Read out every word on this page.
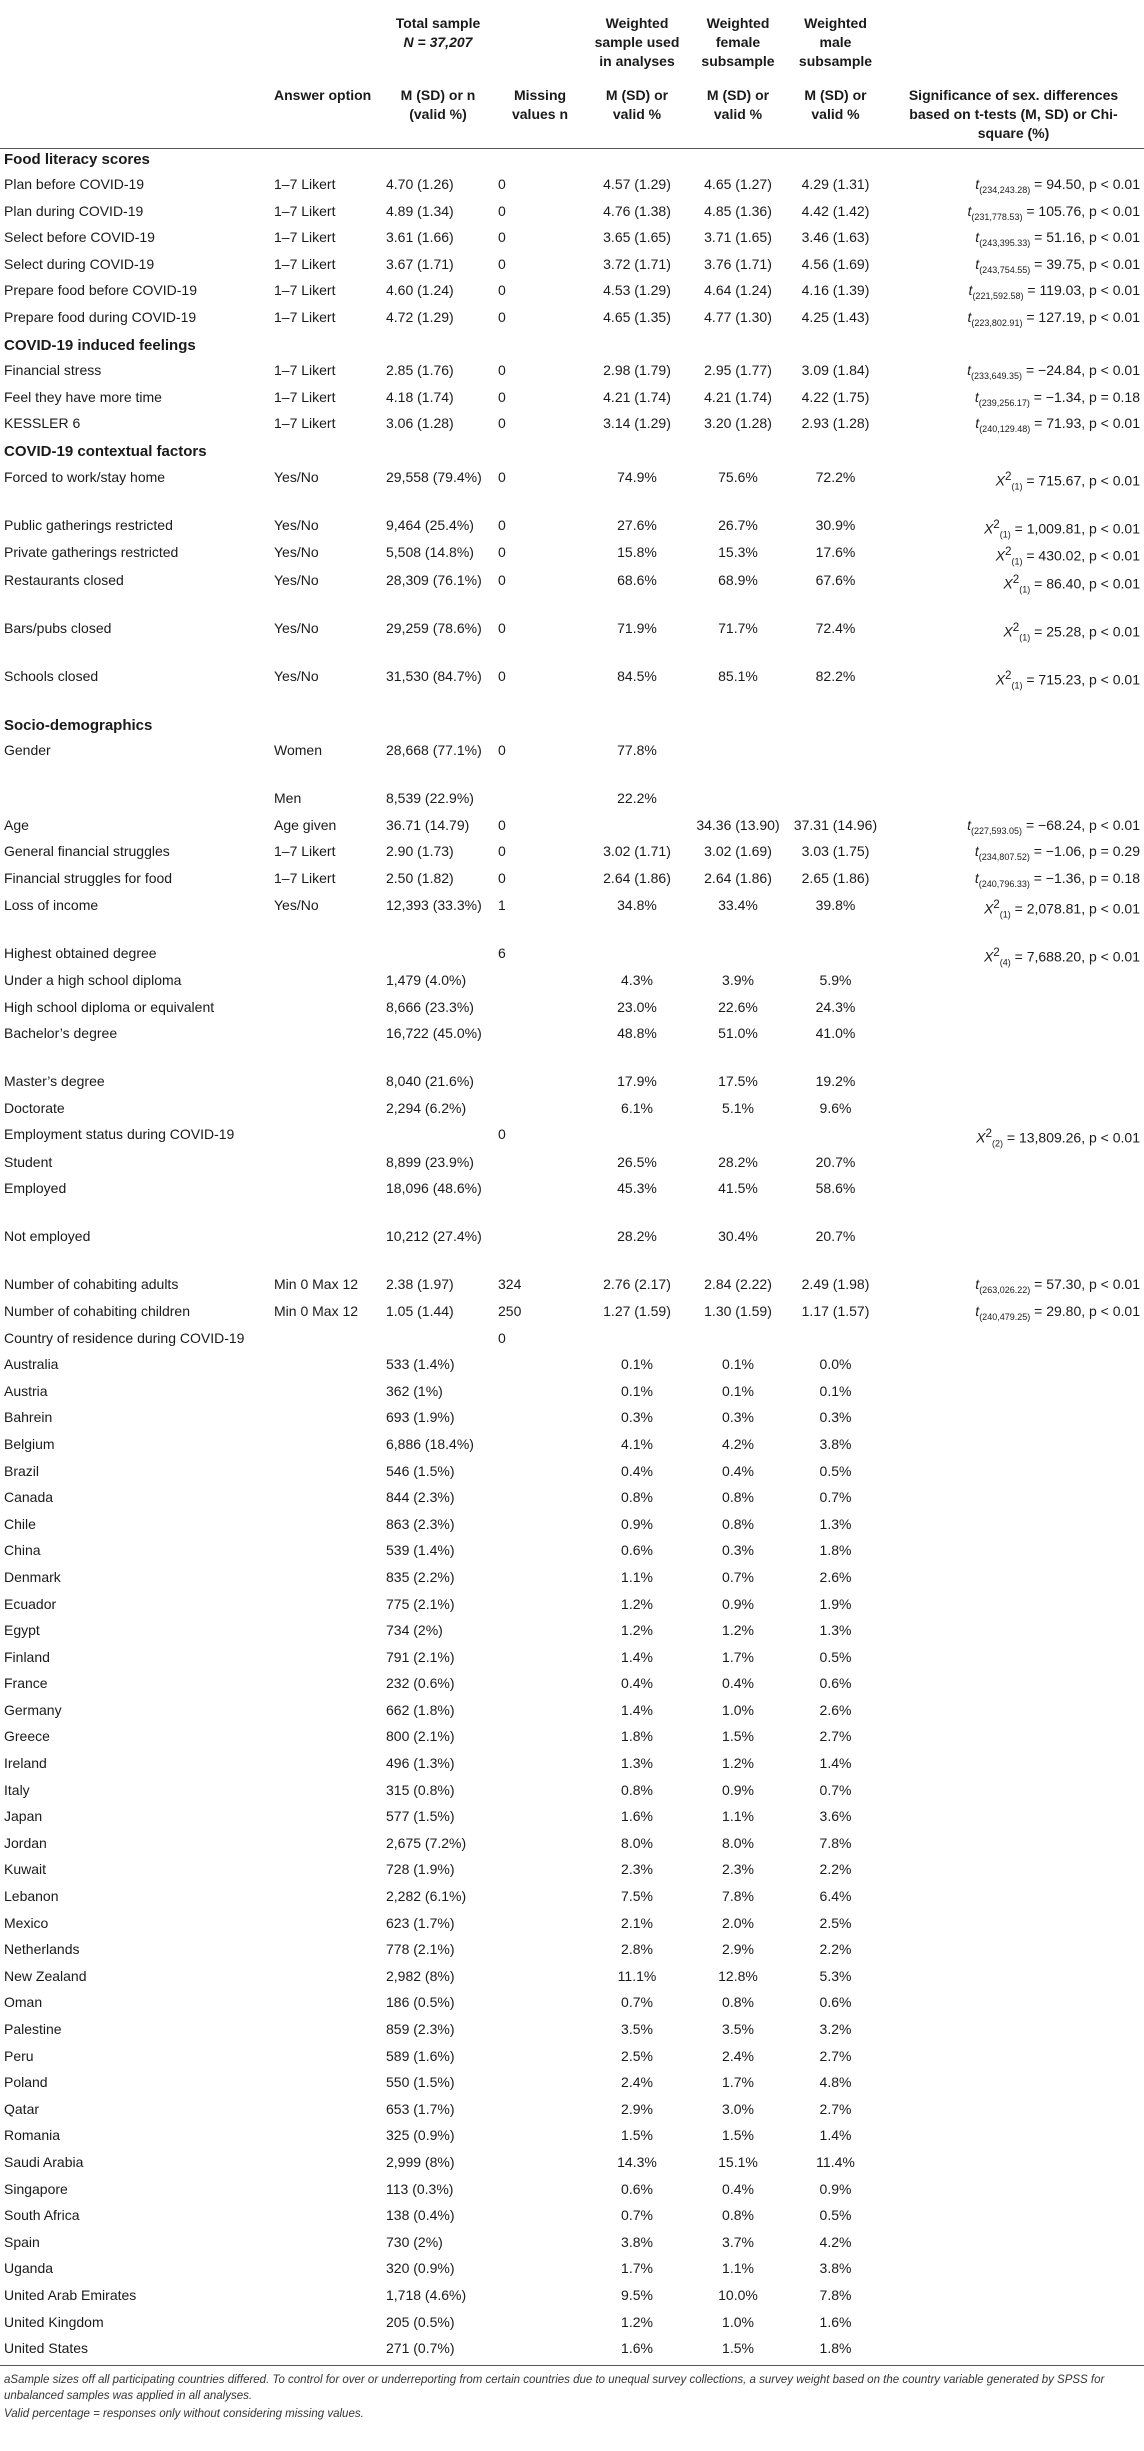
		Total sample
N = 37,207		Weighted sample used in analyses	Weighted female subsample	Weighted male subsample	
	Answer option	M (SD) or n (valid %)	Missing values n	M (SD) or valid %	M (SD) or valid %	M (SD) or valid %	Significance of sex. differences based on t-tests (M, SD) or Chi-square (%)
Food literacy scores							
Plan before COVID-19	1–7 Likert	4.70 (1.26)	0	4.57 (1.29)	4.65 (1.27)	4.29 (1.31)	$t_{(234,243.28)} = 94.50$, p < 0.01
Plan during COVID-19	1–7 Likert	4.89 (1.34)	0	4.76 (1.38)	4.85 (1.36)	4.42 (1.42)	$t_{(231,778.53)} = 105.76$, p < 0.01
Select before COVID-19	1–7 Likert	3.61 (1.66)	0	3.65 (1.65)	3.71 (1.65)	3.46 (1.63)	$t_{(243,395.33)} = 51.16$, p < 0.01
Select during COVID-19	1–7 Likert	3.67 (1.71)	0	3.72 (1.71)	3.76 (1.71)	4.56 (1.69)	$t_{(243,754.55)} = 39.75$, p < 0.01
Prepare food before COVID-19	1–7 Likert	4.60 (1.24)	0	4.53 (1.29)	4.64 (1.24)	4.16 (1.39)	$t_{(221,592.58)} = 119.03$, p < 0.01
Prepare food during COVID-19	1–7 Likert	4.72 (1.29)	0	4.65 (1.35)	4.77 (1.30)	4.25 (1.43)	$t_{(223,802.91)} = 127.19$, p < 0.01
COVID-19 induced feelings							
Financial stress	1–7 Likert	2.85 (1.76)	0	2.98 (1.79)	2.95 (1.77)	3.09 (1.84)	$t_{(233,649.35)} = -24.84$, p < 0.01
Feel they have more time	1–7 Likert	4.18 (1.74)	0	4.21 (1.74)	4.21 (1.74)	4.22 (1.75)	$t_{(239,256.17)} = -1.34$, p = 0.18
KESSLER 6	1–7 Likert	3.06 (1.28)	0	3.14 (1.29)	3.20 (1.28)	2.93 (1.28)	$t_{(240,129.48)} = 71.93$, p < 0.01
COVID-19 contextual factors							
Forced to work/stay home	Yes/No	29,558 (79.4%)	0	74.9%	75.6%	72.2%	$X^2_{(1)} = 715.67$, p < 0.01
Public gatherings restricted	Yes/No	9,464 (25.4%)	0	27.6%	26.7%	30.9%	$X^2_{(1)} = 1,009.81$, p < 0.01
Private gatherings restricted	Yes/No	5,508 (14.8%)	0	15.8%	15.3%	17.6%	$X^2_{(1)} = 430.02$, p < 0.01
Restaurants closed	Yes/No	28,309 (76.1%)	0	68.6%	68.9%	67.6%	$X^2_{(1)} = 86.40$, p < 0.01
Bars/pubs closed	Yes/No	29,259 (78.6%)	0	71.9%	71.7%	72.4%	$X^2_{(1)} = 25.28$, p < 0.01
Schools closed	Yes/No	31,530 (84.7%)	0	84.5%	85.1%	82.2%	$X^2_{(1)} = 715.23$, p < 0.01
Socio-demographics							
Gender	Women	28,668 (77.1%)	0	77.8%			
	Men	8,539 (22.9%)		22.2%			
Age	Age given	36.71 (14.79)	0		34.36 (13.90)	37.31 (14.96)	$t_{(227,593.05)} = -68.24$, p < 0.01
General financial struggles	1–7 Likert	2.90 (1.73)	0	3.02 (1.71)	3.02 (1.69)	3.03 (1.75)	$t_{(234,807.52)} = -1.06$, p = 0.29
Financial struggles for food	1–7 Likert	2.50 (1.82)	0	2.64 (1.86)	2.64 (1.86)	2.65 (1.86)	$t_{(240,796.33)} = -1.36$, p = 0.18
Loss of income	Yes/No	12,393 (33.3%)	1	34.8%	33.4%	39.8%	$X^2_{(1)} = 2,078.81$, p < 0.01
Highest obtained degree			6				$X^2_{(4)} = 7,688.20$, p < 0.01
Under a high school diploma		1,479 (4.0%)		4.3%	3.9%	5.9%	
High school diploma or equivalent		8,666 (23.3%)		23.0%	22.6%	24.3%	
Bachelor’s degree		16,722 (45.0%)		48.8%	51.0%	41.0%	
Master’s degree		8,040 (21.6%)		17.9%	17.5%	19.2%	
Doctorate		2,294 (6.2%)		6.1%	5.1%	9.6%	
Employment status during COVID-19			0				$X^2_{(2)} = 13,809.26$, p < 0.01
Student		8,899 (23.9%)		26.5%	28.2%	20.7%	
Employed		18,096 (48.6%)		45.3%	41.5%	58.6%	
Not employed		10,212 (27.4%)		28.2%	30.4%	20.7%	
Number of cohabiting adults	Min 0 Max 12	2.38 (1.97)	324	2.76 (2.17)	2.84 (2.22)	2.49 (1.98)	$t_{(263,026.22)} = 57.30$, p < 0.01
Number of cohabiting children	Min 0 Max 12	1.05 (1.44)	250	1.27 (1.59)	1.30 (1.59)	1.17 (1.57)	$t_{(240,479.25)} = 29.80$, p < 0.01
Country of residence during COVID-19			0				
Australia		533 (1.4%)		0.1%	0.1%	0.0%	
Austria		362 (1%)		0.1%	0.1%	0.1%	
Bahrein		693 (1.9%)		0.3%	0.3%	0.3%	
Belgium		6,886 (18.4%)		4.1%	4.2%	3.8%	
Brazil		546 (1.5%)		0.4%	0.4%	0.5%	
Canada		844 (2.3%)		0.8%	0.8%	0.7%	
Chile		863 (2.3%)		0.9%	0.8%	1.3%	
China		539 (1.4%)		0.6%	0.3%	1.8%	
Denmark		835 (2.2%)		1.1%	0.7%	2.6%	
Ecuador		775 (2.1%)		1.2%	0.9%	1.9%	
Egypt		734 (2%)		1.2%	1.2%	1.3%	
Finland		791 (2.1%)		1.4%	1.7%	0.5%	
France		232 (0.6%)		0.4%	0.4%	0.6%	
Germany		662 (1.8%)		1.4%	1.0%	2.6%	
Greece		800 (2.1%)		1.8%	1.5%	2.7%	
Ireland		496 (1.3%)		1.3%	1.2%	1.4%	
Italy		315 (0.8%)		0.8%	0.9%	0.7%	
Japan		577 (1.5%)		1.6%	1.1%	3.6%	
Jordan		2,675 (7.2%)		8.0%	8.0%	7.8%	
Kuwait		728 (1.9%)		2.3%	2.3%	2.2%	
Lebanon		2,282 (6.1%)		7.5%	7.8%	6.4%	
Mexico		623 (1.7%)		2.1%	2.0%	2.5%	
Netherlands		778 (2.1%)		2.8%	2.9%	2.2%	
New Zealand		2,982 (8%)		11.1%	12.8%	5.3%	
Oman		186 (0.5%)		0.7%	0.8%	0.6%	
Palestine		859 (2.3%)		3.5%	3.5%	3.2%	
Peru		589 (1.6%)		2.5%	2.4%	2.7%	
Poland		550 (1.5%)		2.4%	1.7%	4.8%	
Qatar		653 (1.7%)		2.9%	3.0%	2.7%	
Romania		325 (0.9%)		1.5%	1.5%	1.4%	
Saudi Arabia		2,999 (8%)		14.3%	15.1%	11.4%	
Singapore		113 (0.3%)		0.6%	0.4%	0.9%	
South Africa		138 (0.4%)		0.7%	0.8%	0.5%	
Spain		730 (2%)		3.8%	3.7%	4.2%	
Uganda		320 (0.9%)		1.7%	1.1%	3.8%	
United Arab Emirates		1,718 (4.6%)		9.5%	10.0%	7.8%	
United Kingdom		205 (0.5%)		1.2%	1.0%	1.6%	
United States		271 (0.7%)		1.6%	1.5%	1.8%	

aSample sizes off all participating countries differed. To control for over or underreporting from certain countries due to unequal survey collections, a survey weight based on the country variable generated by SPSS for unbalanced samples was applied in all analyses.

Valid percentage = responses only without considering missing values.
